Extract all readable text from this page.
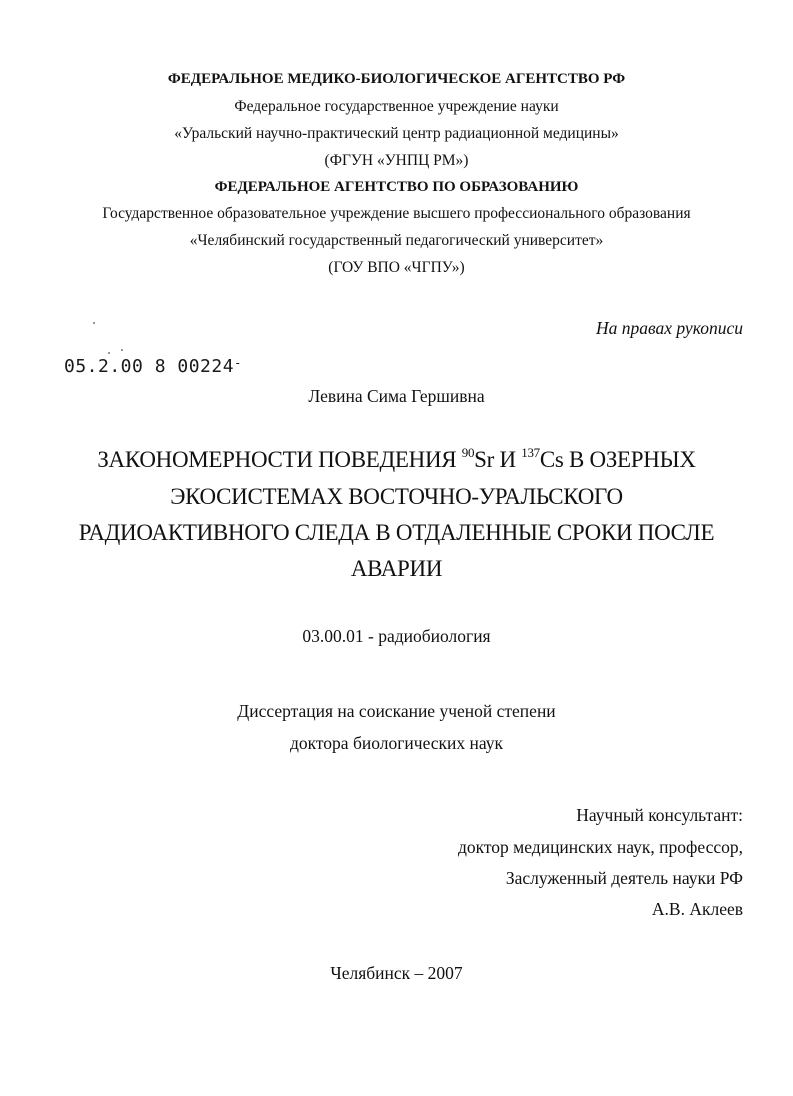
ФЕДЕРАЛЬНОЕ МЕДИКО-БИОЛОГИЧЕСКОЕ АГЕНТСТВО РФ
Федеральное государственное учреждение науки
«Уральский научно-практический центр радиационной медицины»
(ФГУН «УНПЦ РМ»)
ФЕДЕРАЛЬНОЕ АГЕНТСТВО ПО ОБРАЗОВАНИЮ
Государственное образовательное учреждение высшего профессионального образования
«Челябинский государственный педагогический университет»
(ГОУ ВПО «ЧГПУ»)
На правах рукописи
05.2.00 8 00224-
Левина Сима Гершивна
ЗАКОНОМЕРНОСТИ ПОВЕДЕНИЯ $^{90}$Sr И $^{137}$Cs В ОЗЕРНЫХ
ЭКОСИСТЕМАХ ВОСТОЧНО-УРАЛЬСКОГО
РАДИОАКТИВНОГО СЛЕДА В ОТДАЛЕННЫЕ СРОКИ ПОСЛЕ
АВАРИИ
03.00.01 - радиобиология
Диссертация на соискание ученой степени
доктора биологических наук
Научный консультант:
доктор медицинских наук, профессор,
Заслуженный деятель науки РФ
А.В. Аклеев
Челябинск – 2007
